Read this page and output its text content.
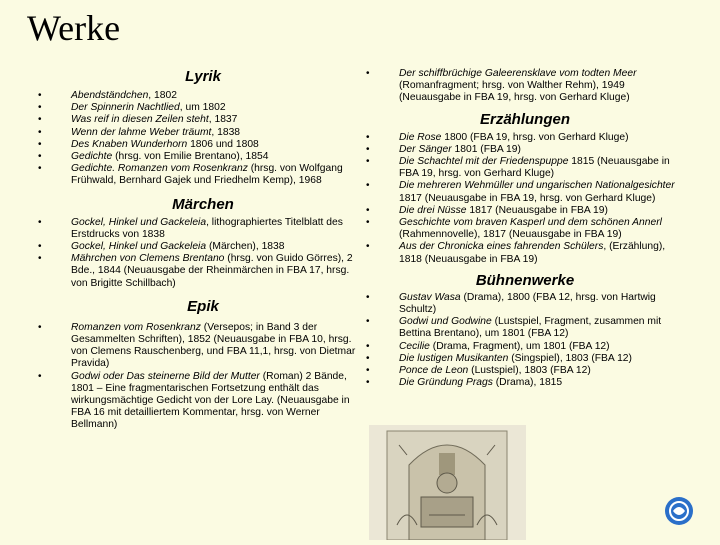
Werke
Lyrik
• Abendständchen, 1802
• Der Spinnerin Nachtlied, um 1802
• Was reif in diesen Zeilen steht, 1837
• Wenn der lahme Weber träumt, 1838
• Des Knaben Wunderhorn 1806 und 1808
• Gedichte (hrsg. von Emilie Brentano), 1854
• Gedichte. Romanzen vom Rosenkranz (hrsg. von Wolfgang Frühwald, Bernhard Gajek und Friedhelm Kemp), 1968
Märchen
• Gockel, Hinkel und Gackeleia, lithographiertes Titelblatt des Erstdrucks von 1838
• Gockel, Hinkel und Gackeleia (Märchen), 1838
• Mährchen von Clemens Brentano (hrsg. von Guido Görres), 2 Bde., 1844 (Neuausgabe der Rheinmärchen in FBA 17, hrsg. von Brigitte Schillbach)
Epik
• Romanzen vom Rosenkranz (Versepos; in Band 3 der Gesammelten Schriften), 1852 (Neuausgabe in FBA 10, hrsg. von Clemens Rauschenberg, und FBA 11,1, hrsg. von Dietmar Pravida)
• Godwi oder Das steinerne Bild der Mutter (Roman) 2 Bände, 1801 – Eine fragmentarischen Fortsetzung enthält das wirkungsmächtige Gedicht von der Lore Lay. (Neuausgabe in FBA 16 mit detailliertem Kommentar, hrsg. von Werner Bellmann)
• Der schiffbrüchige Galeerensklave vom todten Meer (Romanfragment; hrsg. von Walther Rehm), 1949 (Neuausgabe in FBA 19, hrsg. von Gerhard Kluge)
Erzählungen
• Die Rose 1800 (FBA 19, hrsg. von Gerhard Kluge)
• Der Sänger 1801 (FBA 19)
• Die Schachtel mit der Friedenspuppe 1815 (Neuausgabe in FBA 19, hrsg. von Gerhard Kluge)
• Die mehreren Wehmüller und ungarischen Nationalgesichter 1817 (Neuausgabe in FBA 19, hrsg. von Gerhard Kluge)
• Die drei Nüsse 1817 (Neuausgabe in FBA 19)
• Geschichte vom braven Kasperl und dem schönen Annerl (Rahmennovelle), 1817 (Neuausgabe in FBA 19)
• Aus der Chronicka eines fahrenden Schülers, (Erzählung), 1818 (Neuausgabe in FBA 19)
Bühnenwerke
• Gustav Wasa (Drama), 1800 (FBA 12, hrsg. von Hartwig Schultz)
• Godwi und Godwine (Lustspiel, Fragment, zusammen mit Bettina Brentano), um 1801 (FBA 12)
• Cecilie (Drama, Fragment), um 1801 (FBA 12)
• Die lustigen Musikanten (Singspiel), 1803 (FBA 12)
• Ponce de Leon (Lustspiel), 1803 (FBA 12)
• Die Gründung Prags (Drama), 1815
